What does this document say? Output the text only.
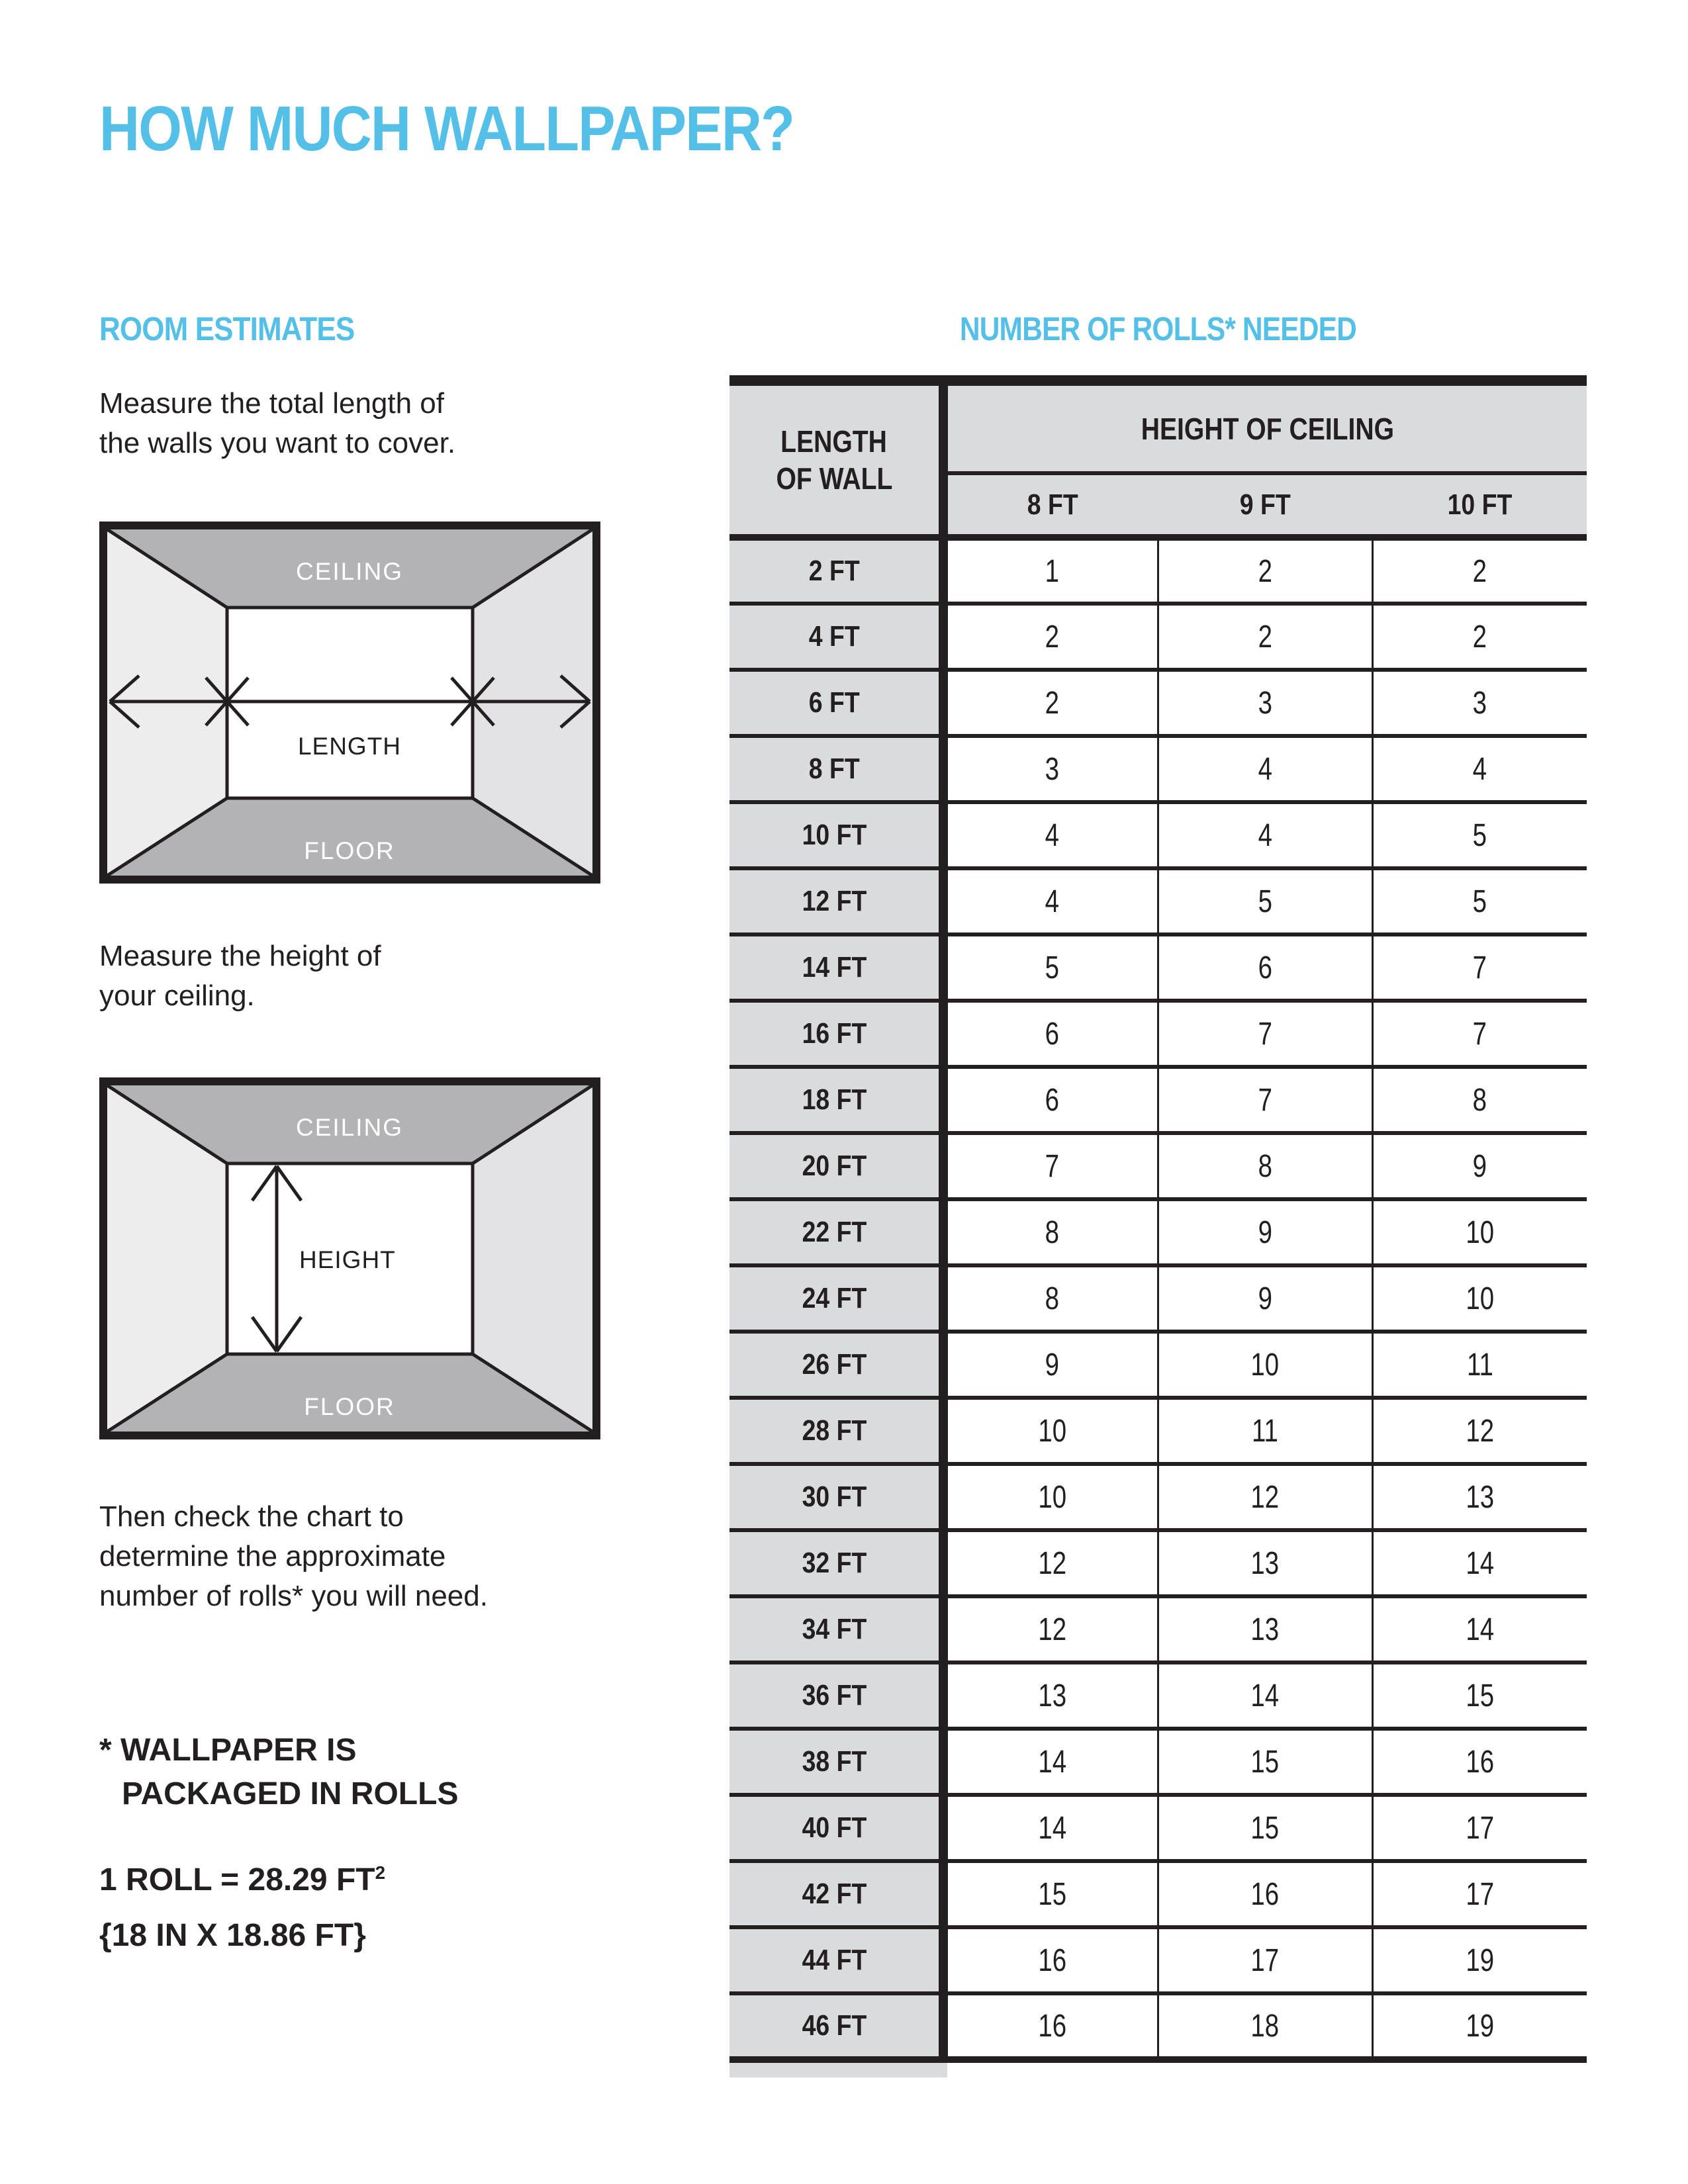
HOW MUCH WALLPAPER?
ROOM ESTIMATES
Measure the total length of
the walls you want to cover.
CEILING
FLOOR
LENGTH
Measure the height of
your ceiling.
CEILING
FLOOR
HEIGHT
Then check the chart to
determine the approximate
number of rolls* you will need.
* WALLPAPER IS
PACKAGED IN ROLLS
1 ROLL = 28.29 $FT^2$
{18 IN X 18.86 FT}
NUMBER OF ROLLS* NEEDED
LENGTH
OF WALL	HEIGHT OF CEILING		
	8 FT	9 FT	10 FT
2 FT	1	2	2
4 FT	2	2	2
6 FT	2	3	3
8 FT	3	4	4
10 FT	4	4	5
12 FT	4	5	5
14 FT	5	6	7
16 FT	6	7	7
18 FT	6	7	8
20 FT	7	8	9
22 FT	8	9	10
24 FT	8	9	10
26 FT	9	10	11
28 FT	10	11	12
30 FT	10	12	13
32 FT	12	13	14
34 FT	12	13	14
36 FT	13	14	15
38 FT	14	15	16
40 FT	14	15	17
42 FT	15	16	17
44 FT	16	17	19
46 FT	16	18	19
